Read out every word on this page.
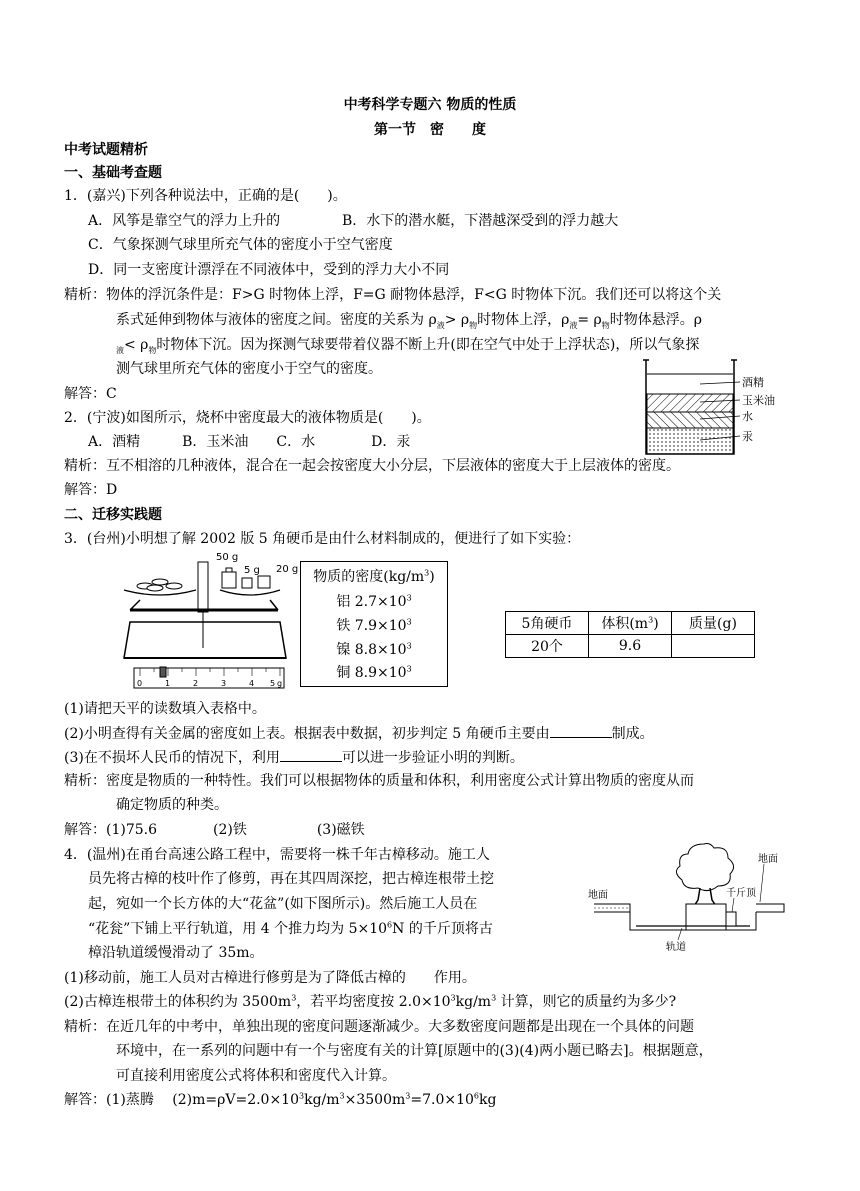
中考科学专题六 物质的性质
第一节　密　　度
中考试题精析
一、基础考查题
1．(嘉兴)下列各种说法中，正确的是(　　)。
A．风筝是靠空气的浮力上升的	B．水下的潜水艇，下潜越深受到的浮力越大
C．气象探测气球里所充气体的密度小于空气密度
D．同一支密度计漂浮在不同液体中，受到的浮力大小不同
精析：物体的浮沉条件是：F>G 时物体上浮，F=G 耐物体悬浮，F<G 时物体下沉。我们还可以将这个关
系式延伸到物体与液体的密度之间。密度的关系为 $\rho_液> \rho_物$时物体上浮，$\rho_液= \rho_物$时物体悬浮。ρ
$_液< \rho_物$时物体下沉。因为探测气球要带着仪器不断上升(即在空气中处于上浮状态)，所以气象探
测气球里所充气体的密度小于空气的密度。
解答：C
酒精
玉米油
水
汞
2．(宁波)如图所示，烧杯中密度最大的液体物质是(　　)。
A．酒精　　　B．玉米油　　C．水　　　　D．汞
精析：互不相溶的几种液体，混合在一起会按密度大小分层，下层液体的密度大于上层液体的密度。
解答：D
二、迁移实践题
3．(台州)小明想了解 2002 版 5 角硬币是由什么材料制成的，便进行了如下实验：
50 g
5 g 20 g
0	1	2	3	4 5 g
物质的密度$(kg/m^3)$
铝 $2.7\times 10^3$
铁 $7.9\times 10^3$
镍 $8.8\times 10^3$
铜 $8.9\times 10^3$
5角硬币	体积$(m^3)$	质量(g)
20个	9.6	
(1)请把天平的读数填入表格中。
(2)小明查得有关金属的密度如上表。根据表中数据，初步判定 5 角硬币主要由	制成。
(3)在不损坏人民币的情况下，利用	可以进一步验证小明的判断。
精析：密度是物质的一种特性。我们可以根据物体的质量和体积，利用密度公式计算出物质的密度从而
确定物质的种类。
解答：(1)75.6　　　　(2)铁　　　　　(3)磁铁
4．(温州)在甬台高速公路工程中，需要将一株千年古樟移动。施工人
员先将古樟的枝叶作了修剪，再在其四周深挖，把古樟连根带土挖
起，宛如一个长方体的大“花盆”(如下图所示)。然后施工人员在
“花瓮”下铺上平行轨道，用 4 个推力均为 $5\times 10^6N$ 的千斤顶将古
樟沿轨道缓慢滑动了 35m。
地面
地面
千斤顶
轨道
(1)移动前，施工人员对古樟进行修剪是为了降低古樟的 作用。
(2)古樟连根带土的体积约为 $3500m^3$，若平均密度按 $2.0\times 10^3kg/m^3$ 计算，则它的质量约为多少?
精析：在近几年的中考中，单独出现的密度问题逐渐减少。大多数密度问题都是出现在一个具体的问题
环境中，在一系列的问题中有一个与密度有关的计算[原题中的(3)(4)两小题已略去]。根据题意，
可直接利用密度公式将体积和密度代入计算。
解答：(1)蒸腾　 $(2)m=\rho V=2.0\times 10^3kg/m^3\times 3500m^3=7.0\times 10^6kg$
